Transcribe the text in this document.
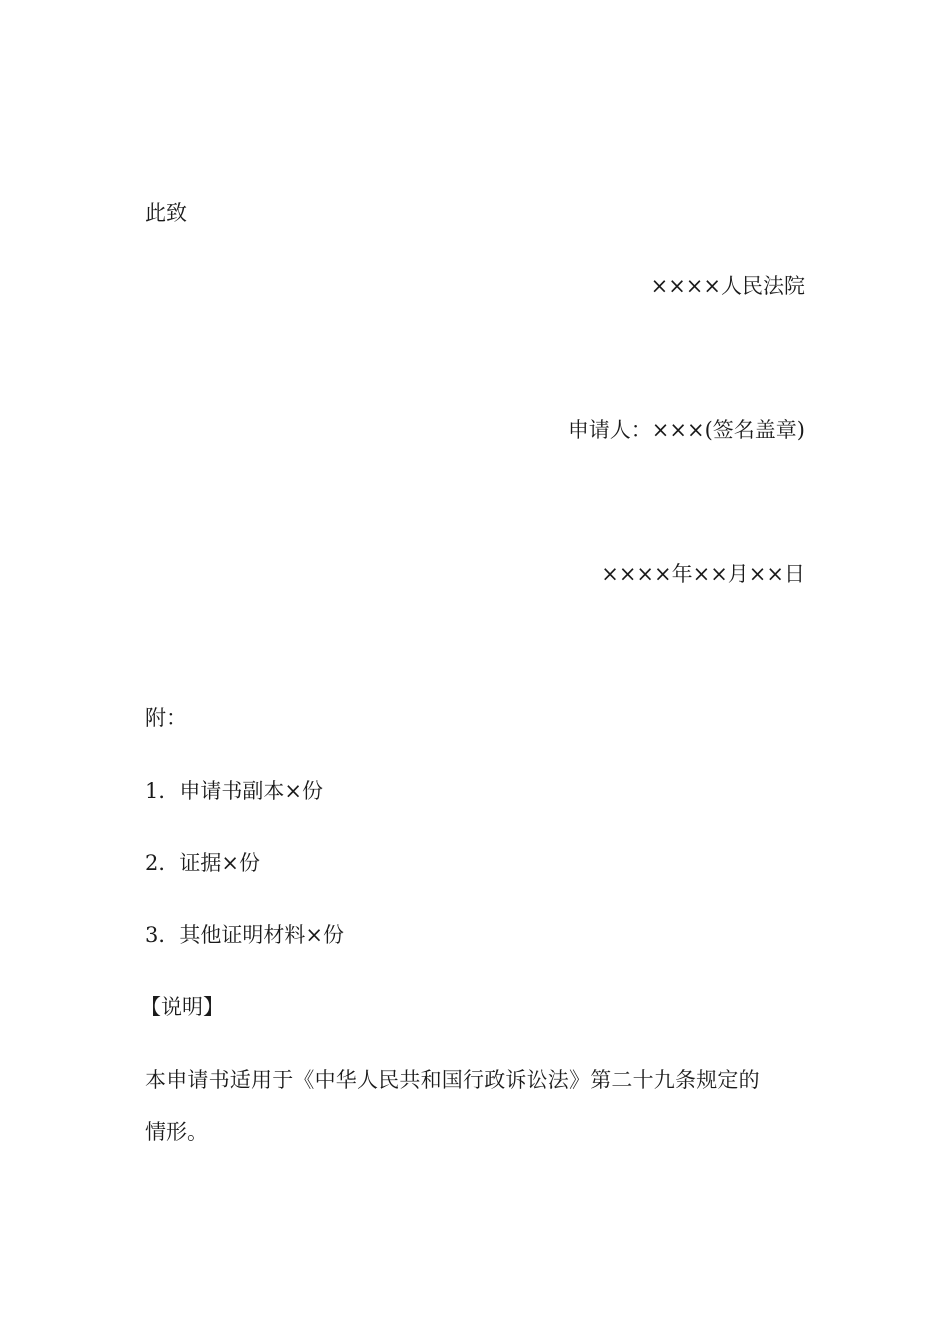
此致
××××人民法院
申请人：×××(签名盖章)
××××年××月××日
附：
1．申请书副本×份
2．证据×份
3．其他证明材料×份
【说明】
本申请书适用于《中华人民共和国行政诉讼法》第二十九条规定的
情形。
